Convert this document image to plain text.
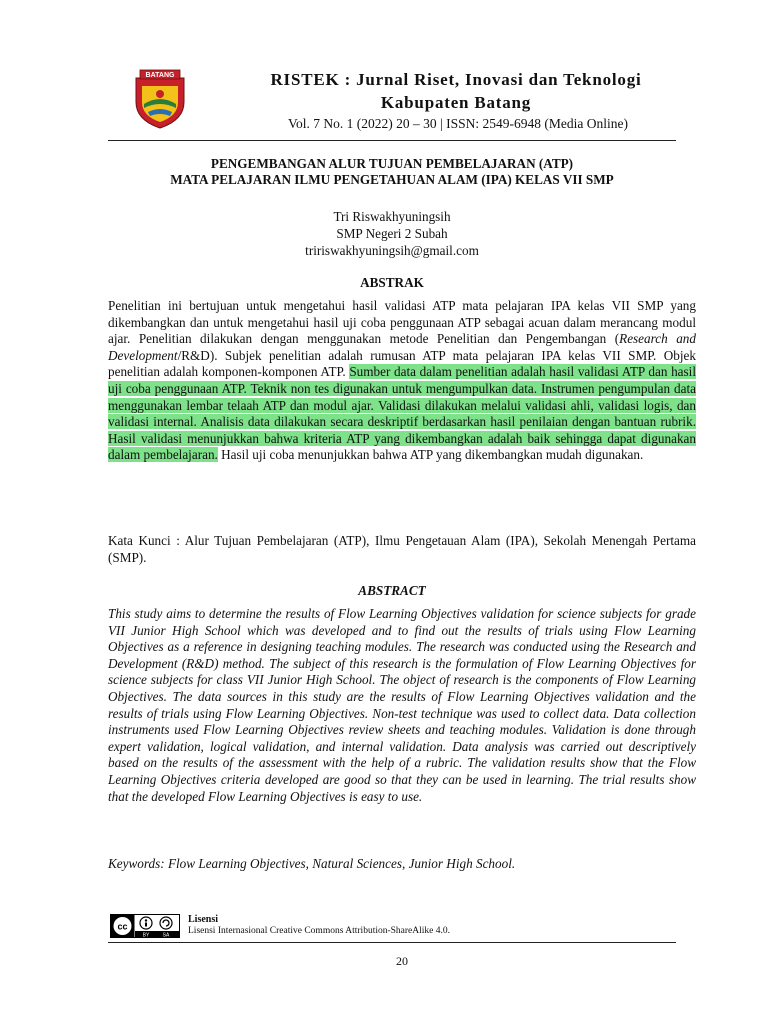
BATANG	RISTEK : Jurnal Riset, Inovasi dan Teknologi
Kabupaten Batang
Vol. 7 No. 1 (2022) 20 – 30 | ISSN: 2549-6948 (Media Online)
PENGEMBANGAN ALUR TUJUAN PEMBELAJARAN (ATP)
MATA PELAJARAN ILMU PENGETAHUAN ALAM (IPA) KELAS VII SMP
Tri Riswakhyuningsih
SMP Negeri 2 Subah
tririswakhyuningsih@gmail.com
ABSTRAK

Penelitian ini bertujuan untuk mengetahui hasil validasi ATP mata pelajaran IPA kelas VII SMP yang dikembangkan dan untuk mengetahui hasil uji coba penggunaan ATP sebagai acuan dalam merancang modul ajar. Penelitian dilakukan dengan menggunakan metode Penelitian dan Pengembangan (Research and Development/R&D). Subjek penelitian adalah rumusan ATP mata pelajaran IPA kelas VII SMP. Objek penelitian adalah komponen-komponen ATP. Sumber data dalam penelitian adalah hasil validasi ATP dan hasil uji coba penggunaan ATP. Teknik non tes digunakan untuk mengumpulkan data. Instrumen pengumpulan data menggunakan lembar telaah ATP dan modul ajar. Validasi dilakukan melalui validasi ahli, validasi logis, dan validasi internal. Analisis data dilakukan secara deskriptif berdasarkan hasil penilaian dengan bantuan rubrik. Hasil validasi menunjukkan bahwa kriteria ATP yang dikembangkan adalah baik sehingga dapat digunakan dalam pembelajaran. Hasil uji coba menunjukkan bahwa ATP yang dikembangkan mudah digunakan.

Kata Kunci : Alur Tujuan Pembelajaran (ATP), Ilmu Pengetauan Alam (IPA), Sekolah Menengah Pertama (SMP).

ABSTRACT

This study aims to determine the results of Flow Learning Objectives validation for science subjects for grade VII Junior High School which was developed and to find out the results of trials using Flow Learning Objectives as a reference in designing teaching modules. The research was conducted using the Research and Development (R&D) method. The subject of this research is the formulation of Flow Learning Objectives for science subjects for class VII Junior High School. The object of research is the components of Flow Learning Objectives. The data sources in this study are the results of Flow Learning Objectives validation and the results of trials using Flow Learning Objectives. Non-test technique was used to collect data. Data collection instruments used Flow Learning Objectives review sheets and teaching modules. Validation is done through expert validation, logical validation, and internal validation. Data analysis was carried out descriptively based on the results of the assessment with the help of a rubric. The validation results show that the Flow Learning Objectives criteria developed are good so that they can be used in learning. The trial results show that the developed Flow Learning Objectives is easy to use.

Keywords: Flow Learning Objectives, Natural Sciences, Junior High School.
cc
BY	SA
Lisensi
Lisensi Internasional Creative Commons Attribution-ShareAlike 4.0.
20
